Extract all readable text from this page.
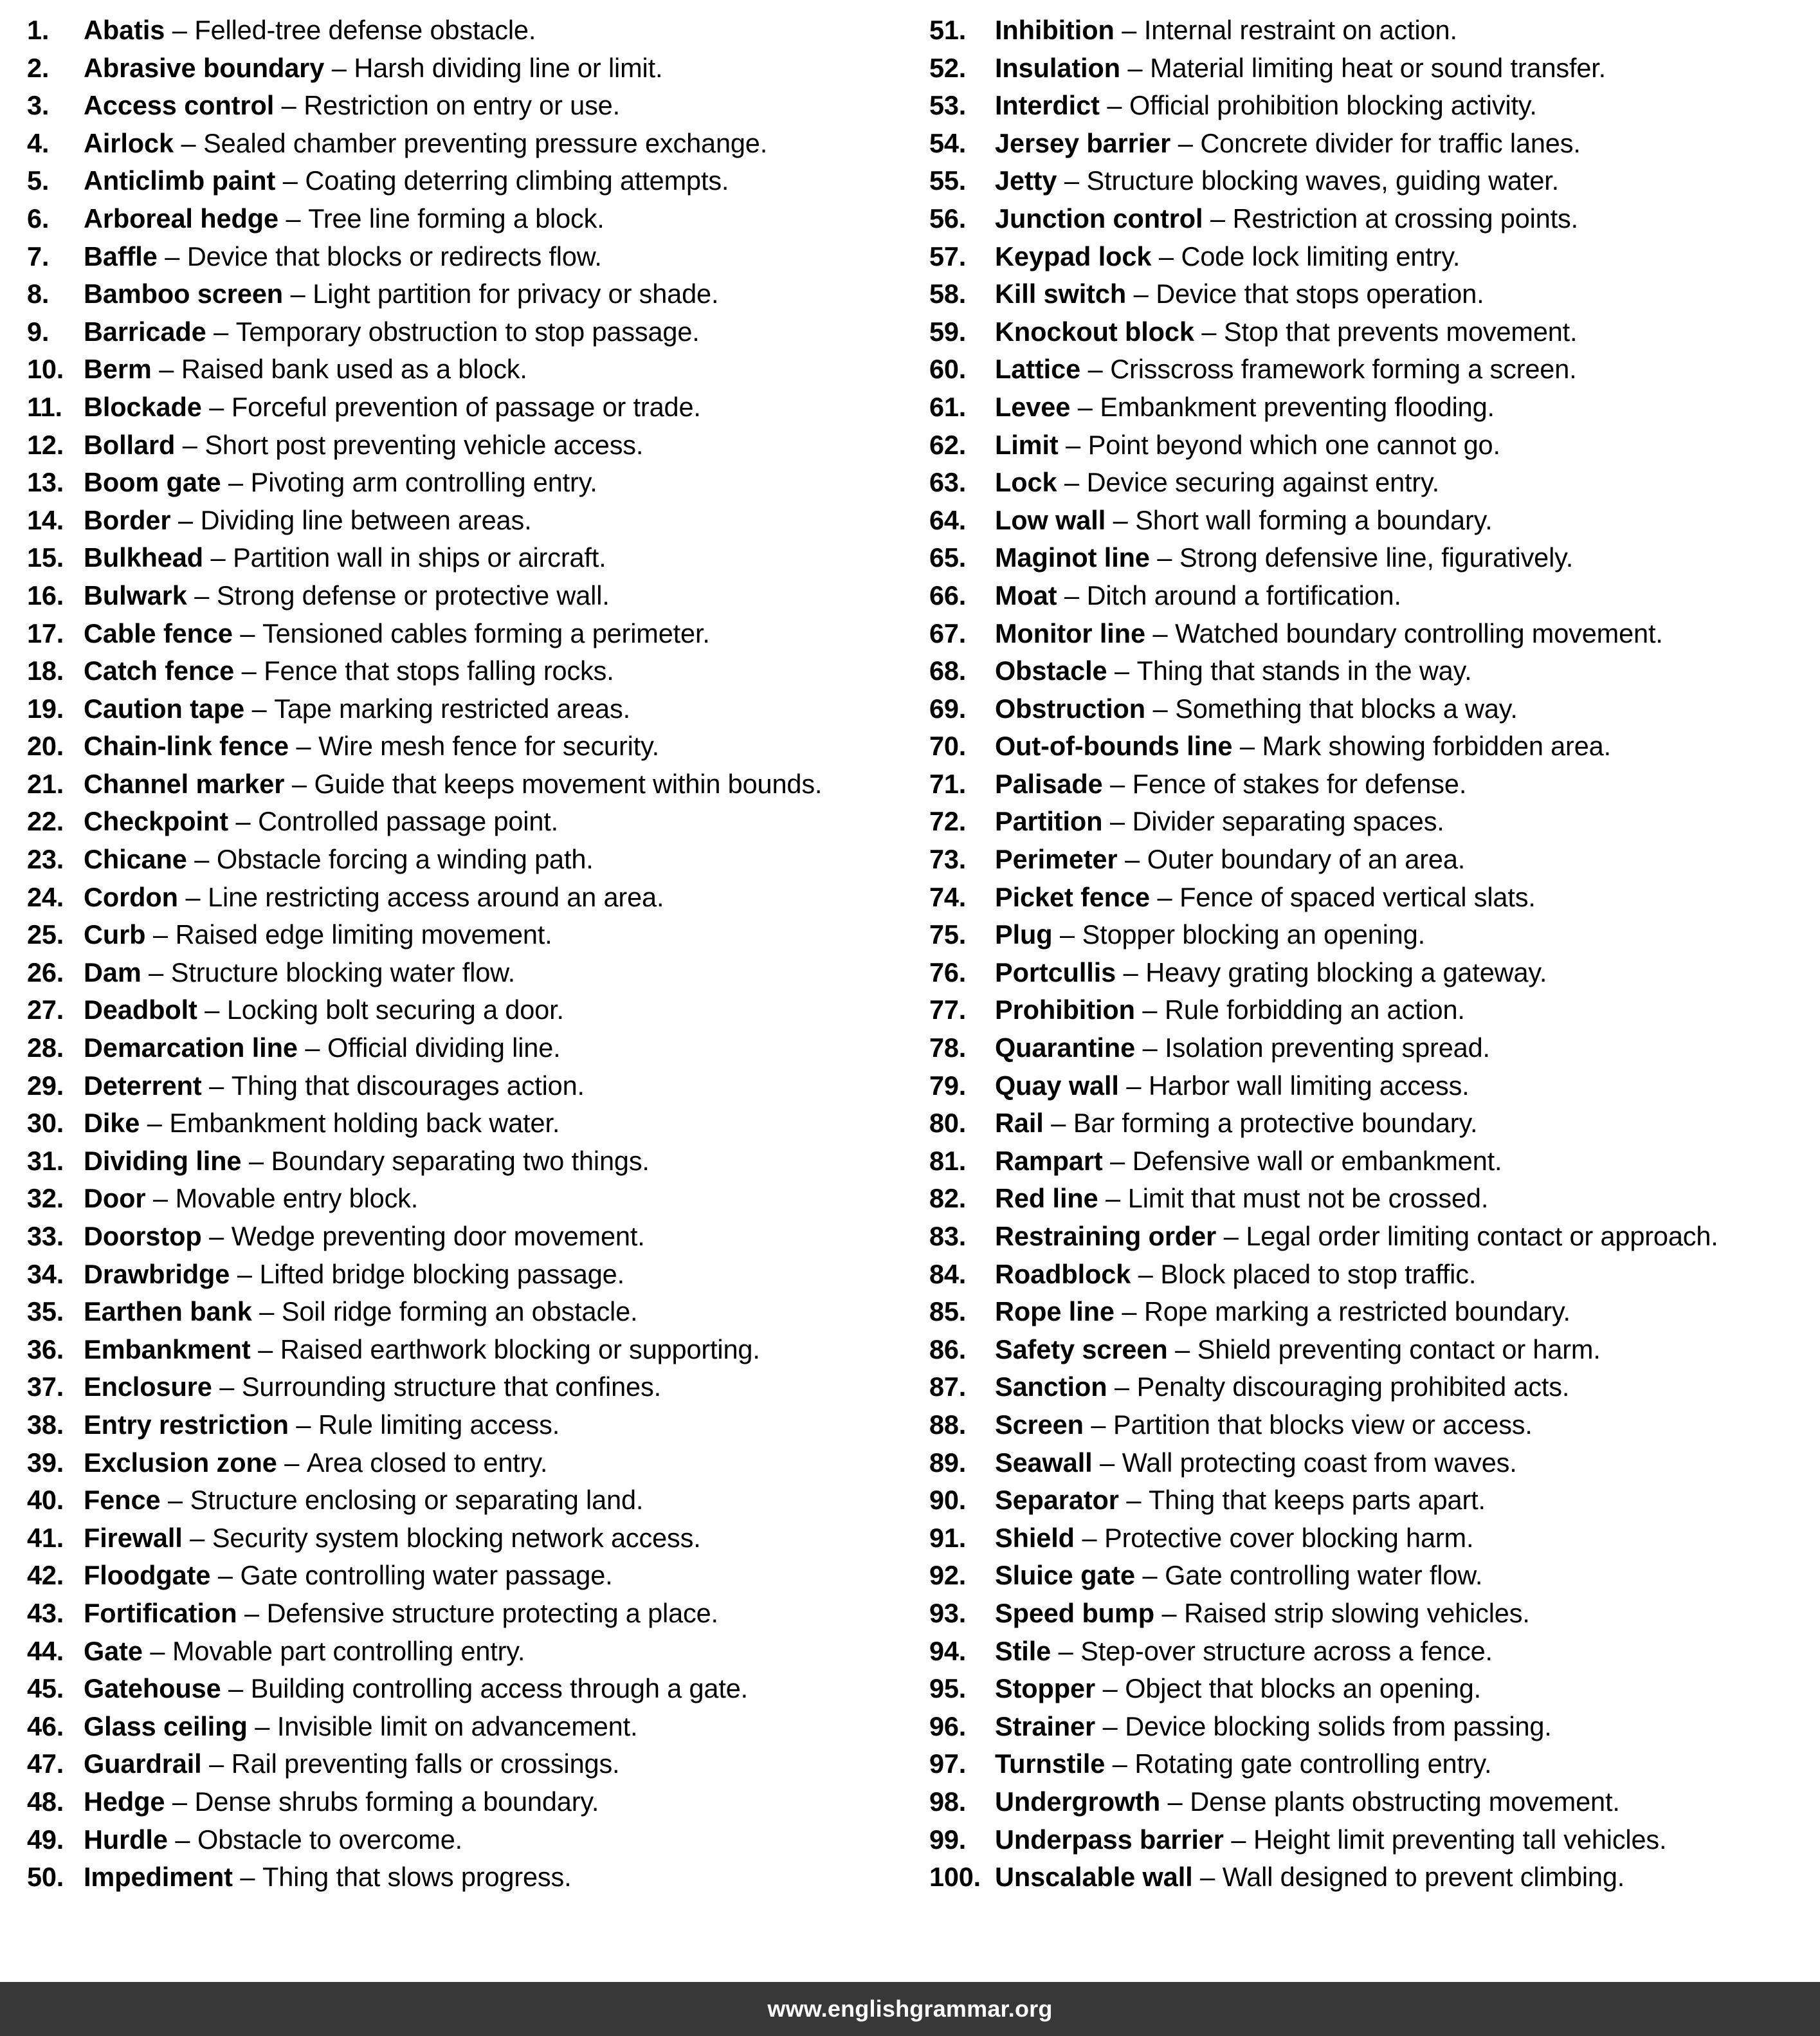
1.	Abatis – Felled-tree defense obstacle.
2.	Abrasive boundary – Harsh dividing line or limit.
3.	Access control – Restriction on entry or use.
4.	Airlock – Sealed chamber preventing pressure exchange.
5.	Anticlimb paint – Coating deterring climbing attempts.
6.	Arboreal hedge – Tree line forming a block.
7.	Baffle – Device that blocks or redirects flow.
8.	Bamboo screen – Light partition for privacy or shade.
9.	Barricade – Temporary obstruction to stop passage.
10. Berm – Raised bank used as a block.
11. Blockade – Forceful prevention of passage or trade.
12. Bollard – Short post preventing vehicle access.
13. Boom gate – Pivoting arm controlling entry.
14. Border – Dividing line between areas.
15. Bulkhead – Partition wall in ships or aircraft.
16. Bulwark – Strong defense or protective wall.
17. Cable fence – Tensioned cables forming a perimeter.
18. Catch fence – Fence that stops falling rocks.
19. Caution tape – Tape marking restricted areas.
20. Chain-link fence – Wire mesh fence for security.
21. Channel marker – Guide that keeps movement within bounds.
22. Checkpoint – Controlled passage point.
23. Chicane – Obstacle forcing a winding path.
24. Cordon – Line restricting access around an area.
25. Curb – Raised edge limiting movement.
26. Dam – Structure blocking water flow.
27. Deadbolt – Locking bolt securing a door.
28. Demarcation line – Official dividing line.
29. Deterrent – Thing that discourages action.
30. Dike – Embankment holding back water.
31. Dividing line – Boundary separating two things.
32. Door – Movable entry block.
33. Doorstop – Wedge preventing door movement.
34. Drawbridge – Lifted bridge blocking passage.
35. Earthen bank – Soil ridge forming an obstacle.
36. Embankment – Raised earthwork blocking or supporting.
37. Enclosure – Surrounding structure that confines.
38. Entry restriction – Rule limiting access.
39. Exclusion zone – Area closed to entry.
40. Fence – Structure enclosing or separating land.
41. Firewall – Security system blocking network access.
42. Floodgate – Gate controlling water passage.
43. Fortification – Defensive structure protecting a place.
44. Gate – Movable part controlling entry.
45. Gatehouse – Building controlling access through a gate.
46. Glass ceiling – Invisible limit on advancement.
47. Guardrail – Rail preventing falls or crossings.
48. Hedge – Dense shrubs forming a boundary.
49. Hurdle – Obstacle to overcome.
50. Impediment – Thing that slows progress.
51.	Inhibition – Internal restraint on action.
52.	Insulation – Material limiting heat or sound transfer.
53.	Interdict – Official prohibition blocking activity.
54.	Jersey barrier – Concrete divider for traffic lanes.
55.	Jetty – Structure blocking waves, guiding water.
56.	Junction control – Restriction at crossing points.
57.	Keypad lock – Code lock limiting entry.
58.	Kill switch – Device that stops operation.
59.	Knockout block – Stop that prevents movement.
60.	Lattice – Crisscross framework forming a screen.
61.	Levee – Embankment preventing flooding.
62.	Limit – Point beyond which one cannot go.
63.	Lock – Device securing against entry.
64.	Low wall – Short wall forming a boundary.
65.	Maginot line – Strong defensive line, figuratively.
66.	Moat – Ditch around a fortification.
67.	Monitor line – Watched boundary controlling movement.
68.	Obstacle – Thing that stands in the way.
69.	Obstruction – Something that blocks a way.
70.	Out-of-bounds line – Mark showing forbidden area.
71.	Palisade – Fence of stakes for defense.
72.	Partition – Divider separating spaces.
73.	Perimeter – Outer boundary of an area.
74.	Picket fence – Fence of spaced vertical slats.
75.	Plug – Stopper blocking an opening.
76.	Portcullis – Heavy grating blocking a gateway.
77.	Prohibition – Rule forbidding an action.
78.	Quarantine – Isolation preventing spread.
79.	Quay wall – Harbor wall limiting access.
80.	Rail – Bar forming a protective boundary.
81.	Rampart – Defensive wall or embankment.
82.	Red line – Limit that must not be crossed.
83.	Restraining order – Legal order limiting contact or approach.
84.	Roadblock – Block placed to stop traffic.
85.	Rope line – Rope marking a restricted boundary.
86.	Safety screen – Shield preventing contact or harm.
87.	Sanction – Penalty discouraging prohibited acts.
88.	Screen – Partition that blocks view or access.
89.	Seawall – Wall protecting coast from waves.
90.	Separator – Thing that keeps parts apart.
91.	Shield – Protective cover blocking harm.
92.	Sluice gate – Gate controlling water flow.
93.	Speed bump – Raised strip slowing vehicles.
94.	Stile – Step-over structure across a fence.
95.	Stopper – Object that blocks an opening.
96.	Strainer – Device blocking solids from passing.
97.	Turnstile – Rotating gate controlling entry.
98.	Undergrowth – Dense plants obstructing movement.
99.	Underpass barrier – Height limit preventing tall vehicles.
100. Unscalable wall – Wall designed to prevent climbing.
www.englishgrammar.org
